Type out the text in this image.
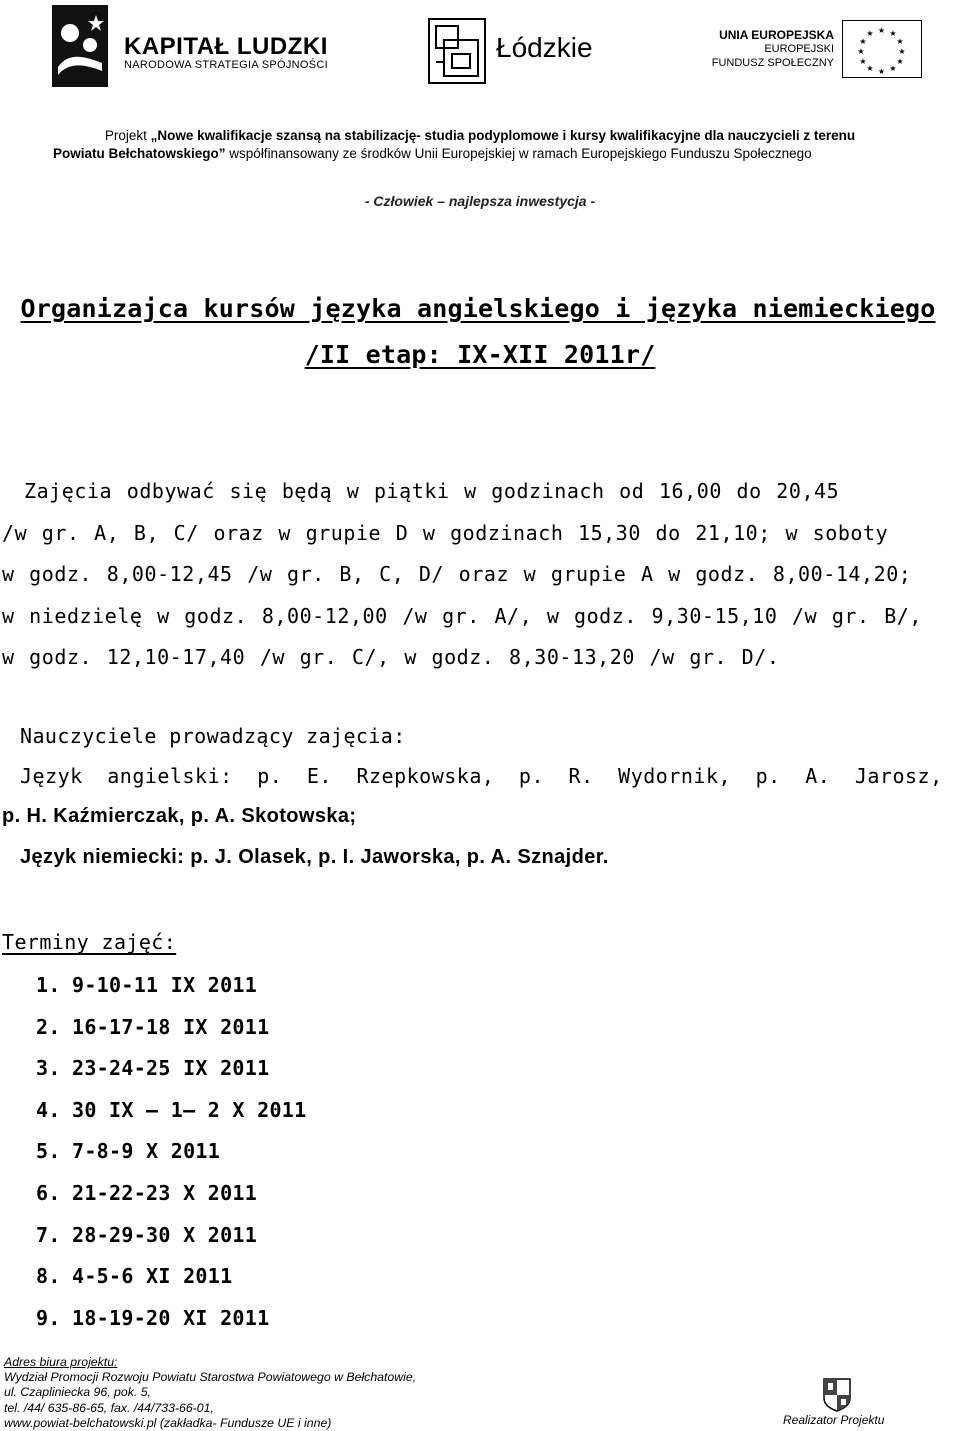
KAPITAŁ LUDZKI
NARODOWA STRATEGIA SPÓJNOŚCI
Łódzkie	UNIA EUROPEJSKA
EUROPEJSKI
FUNDUSZ SPOŁECZNY
★ ★
★
★
★
★
★
★
★
★
★
★
Projekt „Nowe kwalifikacje szansą na stabilizację- studia podyplomowe i kursy kwalifikacyjne dla nauczycieli z terenu
Powiatu Bełchatowskiego” współfinansowany ze środków Unii Europejskiej w ramach Europejskiego Funduszu Społecznego
- Człowiek – najlepsza inwestycja -
Organizajca kursów języka angielskiego i języka niemieckiego
/II etap: IX-XII 2011r/
Zajęcia odbywać się będą w piątki w godzinach od 16,00 do 20,45
/w gr. A, B, C/ oraz w grupie D w godzinach 15,30 do 21,10; w soboty
w godz. 8,00-12,45 /w gr. B, C, D/ oraz w grupie A w godz. 8,00-14,20;
w niedzielę w godz. 8,00-12,00 /w gr. A/, w godz. 9,30-15,10 /w gr. B/,
w godz. 12,10-17,40 /w gr. C/, w godz. 8,30-13,20 /w gr. D/.
Nauczyciele prowadzący zajęcia:
Język angielski: p. E. Rzepkowska, p. R. Wydornik, p. A. Jarosz,
p. H. Kaźmierczak, p. A. Skotowska;
Język niemiecki: p. J. Olasek, p. I. Jaworska, p. A. Sznajder.
Terminy zajęć:
1. 9-10-11 IX 2011
2. 16-17-18 IX 2011
3. 23-24-25 IX 2011
4. 30 IX – 1– 2 X 2011
5. 7-8-9 X 2011
6. 21-22-23 X 2011
7. 28-29-30 X 2011
8. 4-5-6 XI 2011
9. 18-19-20 XI 2011
Adres biura projektu:
Wydział Promocji Rozwoju Powiatu Starostwa Powiatowego w Bełchatowie,
ul. Czapliniecka 96, pok. 5,
tel. /44/ 635-86-65, fax. /44/733-66-01,
www.powiat-belchatowski.pl (zakładka- Fundusze UE i inne)	Realizator Projektu
